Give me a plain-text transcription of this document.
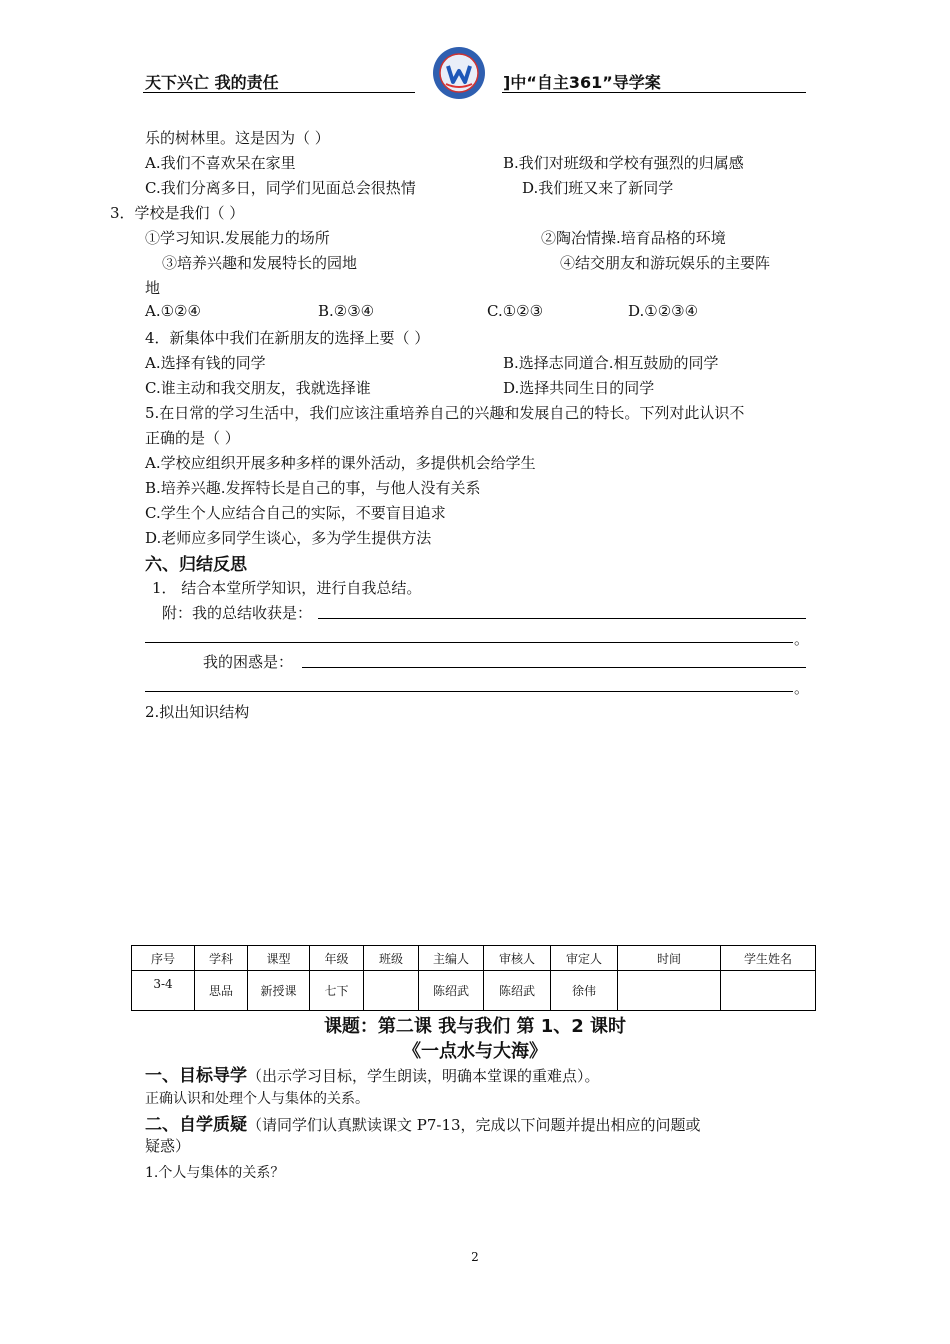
天下兴亡 我的责任	]中“自主361”导学案
乐的树林里。这是因为（ ）
A.我们不喜欢呆在家里	B.我们对班级和学校有强烈的归属感
C.我们分离多日，同学们见面总会很热情	D.我们班又来了新同学
3．学校是我们（ ）
①学习知识.发展能力的场所	②陶冶情操.培育品格的环境
③培养兴趣和发展特长的园地	④结交朋友和游玩娱乐的主要阵
地
A.①②④	B.②③④	C.①②③	D.①②③④
4．新集体中我们在新朋友的选择上要（ ）
A.选择有钱的同学	B.选择志同道合.相互鼓励的同学
C.谁主动和我交朋友，我就选择谁	D.选择共同生日的同学
5.在日常的学习生活中，我们应该注重培养自己的兴趣和发展自己的特长。下列对此认识不
正确的是（ ）
A.学校应组织开展多种多样的课外活动，多提供机会给学生
B.培养兴趣.发挥特长是自己的事，与他人没有关系
C.学生个人应结合自己的实际，不要盲目追求
D.老师应多同学生谈心，多为学生提供方法
六、归结反思
1． 结合本堂所学知识，进行自我总结。
附：我的总结收获是：
。
我的困惑是：
。
2.拟出知识结构
序号	学科	课型	年级	班级	主编人	审核人	审定人	时间	学生姓名
3-4	思品	新授课	七下		陈绍武	陈绍武	徐伟		
课题：第二课 我与我们 第 1、2 课时
《一点水与大海》
一、目标导学（出示学习目标，学生朗读，明确本堂课的重难点）。
正确认识和处理个人与集体的关系。
二、自学质疑（请同学们认真默读课文 P7-13，完成以下问题并提出相应的问题或
疑惑）
1.个人与集体的关系？
2
